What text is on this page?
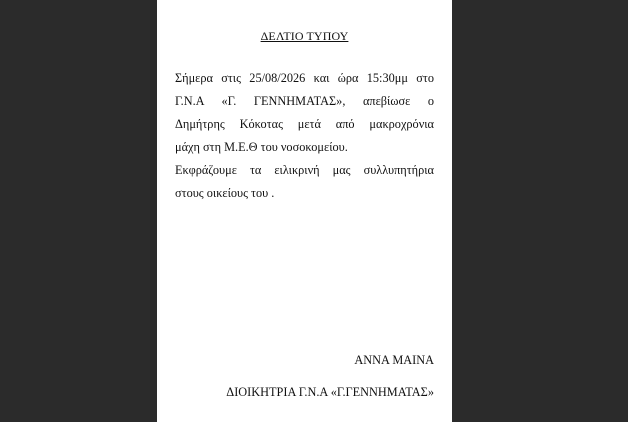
ΔΕΛΤΙΟ ΤΥΠΟΥ
Σήμερα στις 25/08/2026 και ώρα 15:30μμ στο
Γ.Ν.Α «Γ. ΓΕΝΝΗΜΑΤΑΣ», απεβίωσε ο
Δημήτρης Κόκοτας μετά από μακροχρόνια
μάχη στη Μ.Ε.Θ του νοσοκομείου.
Εκφράζουμε τα ειλικρινή μας συλλυπητήρια
στους οικείους του .
ΑΝΝΑ ΜΑΙΝΑ
ΔΙΟΙΚΗΤΡΙΑ Γ.Ν.Α «Γ.ΓΕΝΝΗΜΑΤΑΣ»
